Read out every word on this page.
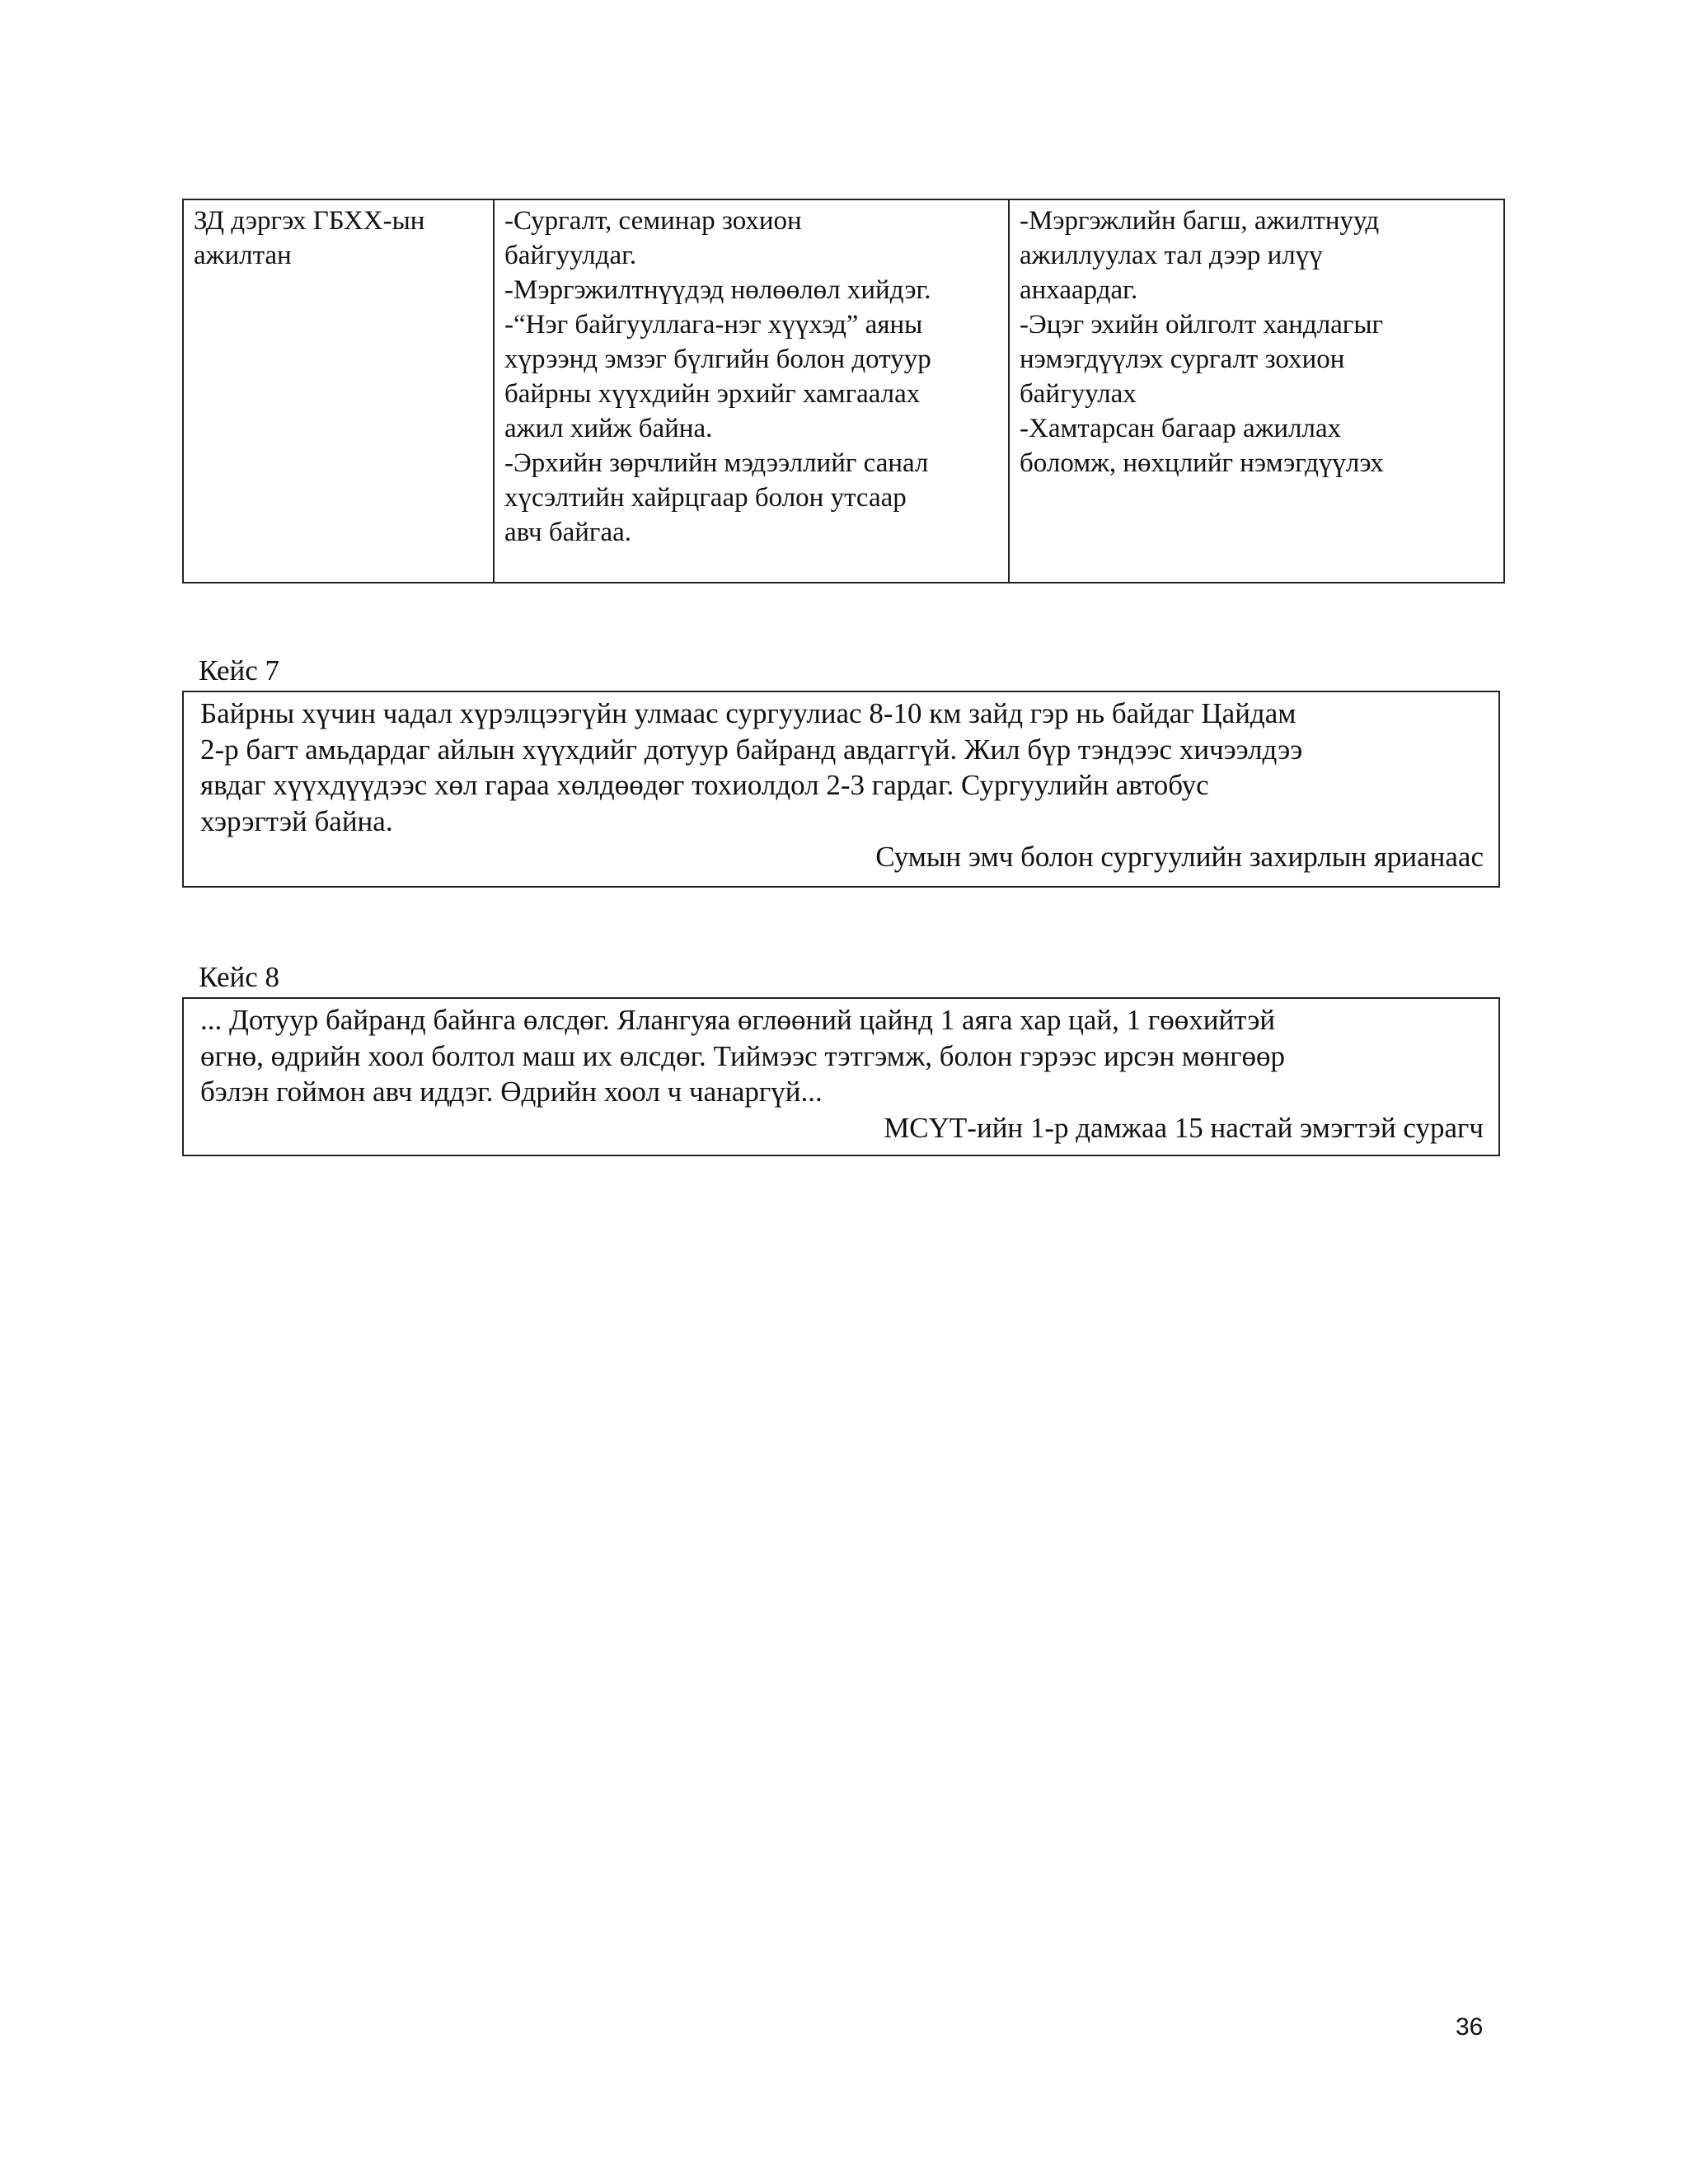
ЗД дэргэх ГБХХ-ын
ажилтан

-Сургалт, семинар зохион
байгуулдаг.
-Мэргэжилтнүүдэд нөлөөлөл хийдэг.
-“Нэг байгууллага-нэг хүүхэд” аяны
хүрээнд эмзэг бүлгийн болон дотуур
байрны хүүхдийн эрхийг хамгаалах
ажил хийж байна.
-Эрхийн зөрчлийн мэдээллийг санал
хүсэлтийн хайрцгаар болон утсаар
авч байгаа.

-Мэргэжлийн багш, ажилтнууд
ажиллуулах тал дээр илүү
анхаардаг.
-Эцэг эхийн ойлголт хандлагыг
нэмэгдүүлэх сургалт зохион
байгуулах
-Хамтарсан багаар ажиллах
боломж, нөхцлийг нэмэгдүүлэх
Кейс 7
Байрны хүчин чадал хүрэлцээгүйн улмаас сургуулиас 8-10 км зайд гэр нь байдаг Цайдам
2-р багт амьдардаг айлын хүүхдийг дотуур байранд авдаггүй. Жил бүр тэндээс хичээлдээ
явдаг хүүхдүүдээс хөл гараа хөлдөөдөг тохиолдол 2-3 гардаг. Сургуулийн автобус
хэрэгтэй байна.
Сумын эмч болон сургуулийн захирлын ярианаас
Кейс 8
... Дотуур байранд байнга өлсдөг. Ялангуяа өглөөний цайнд 1 аяга хар цай, 1 гөөхийтэй
өгнө, өдрийн хоол болтол маш их өлсдөг. Тиймээс тэтгэмж, болон гэрээс ирсэн мөнгөөр
бэлэн гоймон авч иддэг. Өдрийн хоол ч чанаргүй...
МСҮТ-ийн 1-р дамжаа 15 настай эмэгтэй сурагч
36
